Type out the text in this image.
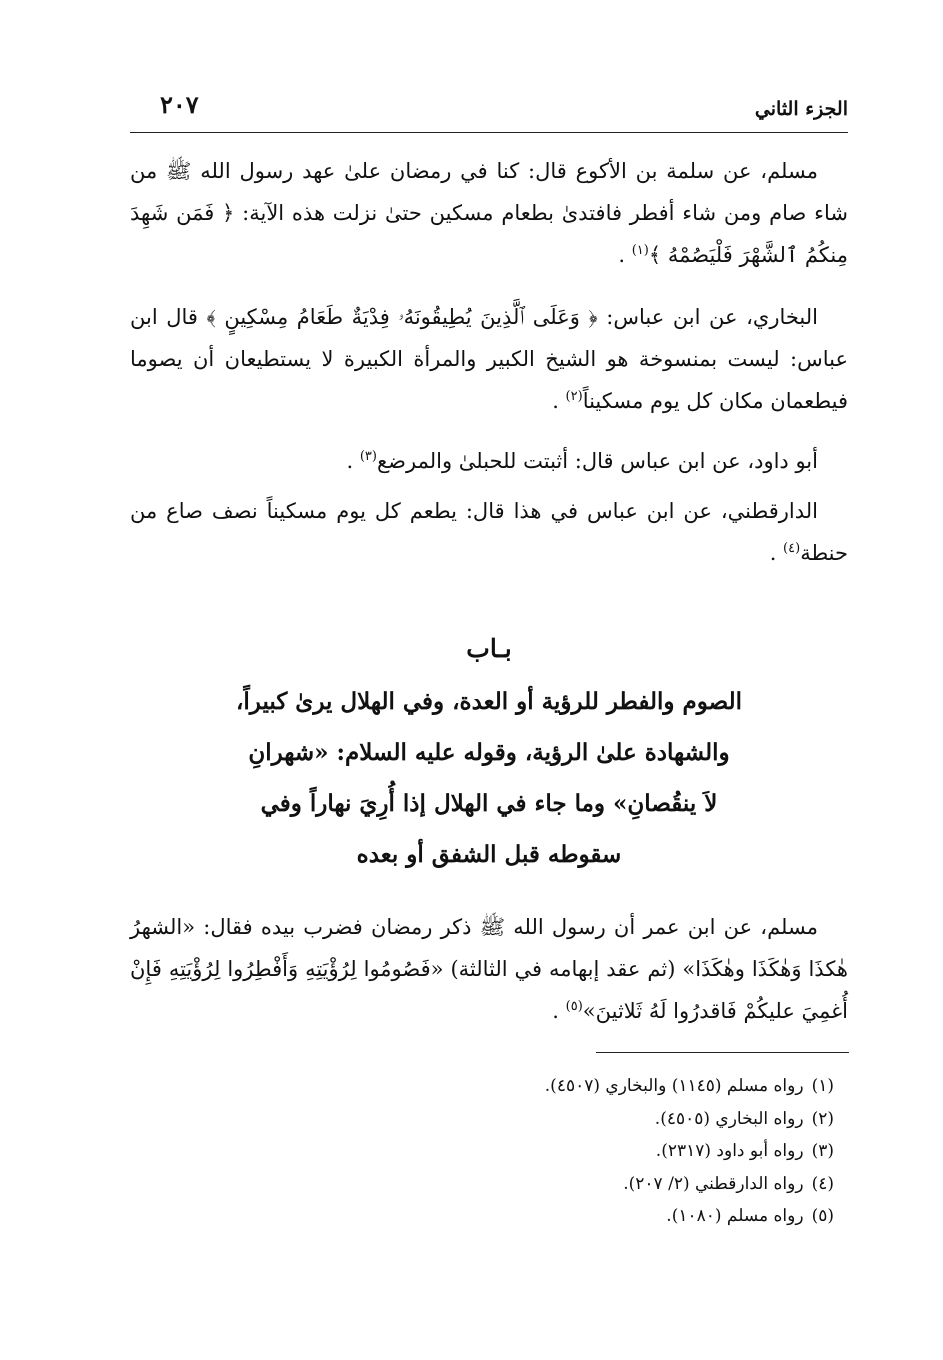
الجزء الثاني
٢٠٧

مسلم، عن سلمة بن الأكوع قال: كنا في رمضان علىٰ عهد رسول الله ﷺ من شاء صام ومن شاء أفطر فافتدىٰ بطعام مسكين حتىٰ نزلت هذه الآية: ﴿ فَمَن شَهِدَ مِنكُمُ ٱلشَّهْرَ فَلْيَصُمْهُ ﴾$^{(١)}$ .

البخاري، عن ابن عباس: ﴿ وَعَلَى ٱلَّذِينَ يُطِيقُونَهُۥ فِدْيَةٌ طَعَامُ مِسْكِينٍ ﴾ قال ابن عباس: ليست بمنسوخة هو الشيخ الكبير والمرأة الكبيرة لا يستطيعان أن يصوما فيطعمان مكان كل يوم مسكيناً$^{(٢)}$ .

أبو داود، عن ابن عباس قال: أثبتت للحبلىٰ والمرضع$^{(٣)}$ .

الدارقطني، عن ابن عباس في هذا قال: يطعم كل يوم مسكيناً نصف صاع من حنطة$^{(٤)}$ .

بـاب
الصوم والفطر للرؤية أو العدة، وفي الهلال يرىٰ كبيراً،
والشهادة علىٰ الرؤية، وقوله عليه السلام: «شهرانِ
لاَ ينقُصانِ» وما جاء في الهلال إذا أُرِيَ نهاراً وفي
سقوطه قبل الشفق أو بعده

مسلم، عن ابن عمر أن رسول الله ﷺ ذكر رمضان فضرب بيده فقال: «الشهرُ هٰكذَا وَهٰكَذَا وهٰكَذَا» (ثم عقد إبهامه في الثالثة) «فَصُومُوا لِرُؤْيَتِهِ وَأَفْطِرُوا لِرُؤْيَتِهِ فَإِنْ أُغمِيَ عليكُمْ فَاقدرُوا لَهُ ثَلاثينَ»$^{(٥)}$ .

(١)رواه مسلم (١١٤٥) والبخاري (٤٥٠٧).
(٢)رواه البخاري (٤٥٠٥).
(٣)رواه أبو داود (٢٣١٧).
(٤)رواه الدارقطني (٢/ ٢٠٧).
(٥)رواه مسلم (١٠٨٠).
